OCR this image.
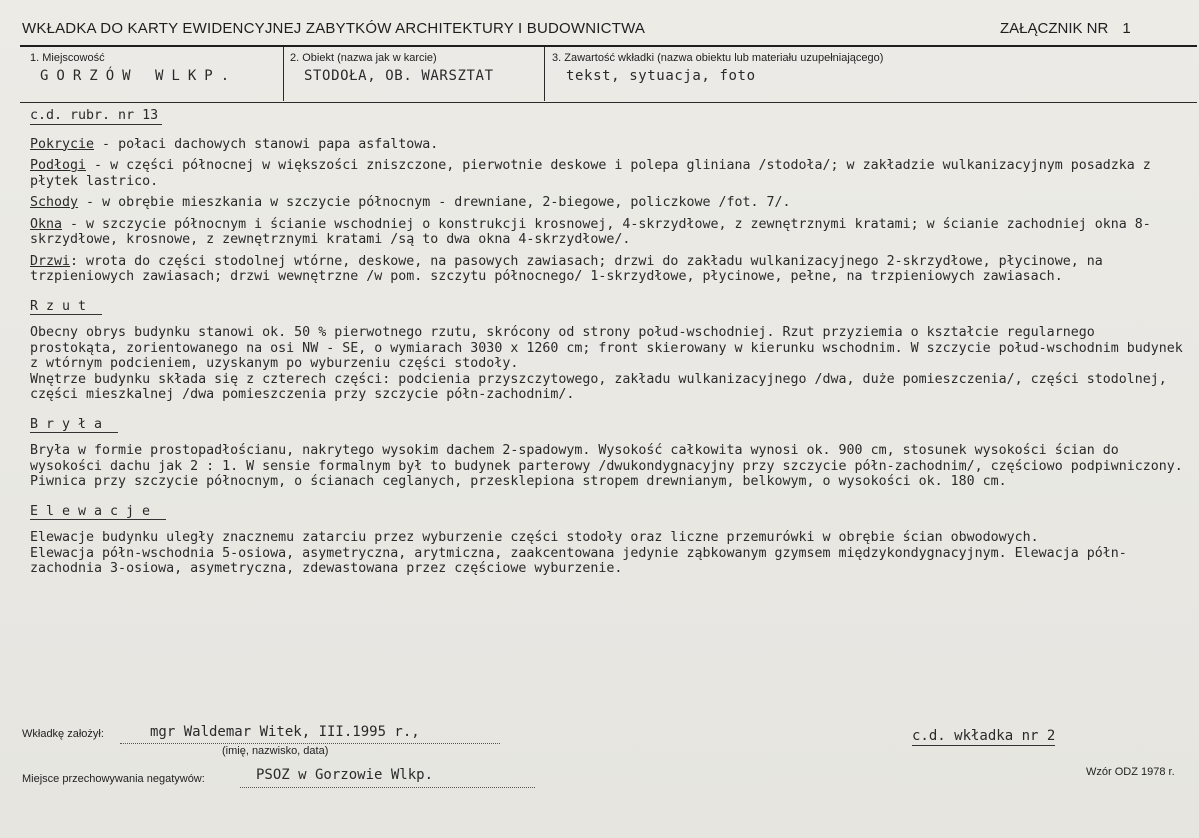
WKŁADKA DO KARTY EWIDENCYJNEJ ZABYTKÓW ARCHITEKTURY I BUDOWNICTWA	ZAŁĄCZNIK NR 1
1. Miejscowość
GORZÓW WLKP.
2. Obiekt (nazwa jak w karcie)
STODOŁA, OB. WARSZTAT
3. Zawartość wkładki (nazwa obiektu lub materiału uzupełniającego)
tekst, sytuacja, foto
c.d. rubr. nr 13

Pokrycie - połaci dachowych stanowi papa asfaltowa.

Podłogi - w części północnej w większości zniszczone, pierwotnie deskowe i polepa gliniana /stodoła/; w zakładzie wulkanizacyjnym posadzka z płytek lastrico.

Schody - w obrębie mieszkania w szczycie północnym - drewniane, 2-biegowe, policzkowe /fot. 7/.

Okna - w szczycie północnym i ścianie wschodniej o konstrukcji krosnowej, 4-skrzydłowe, z zewnętrznymi kratami; w ścianie zachodniej okna 8-skrzydłowe, krosnowe, z zewnętrznymi kratami /są to dwa okna 4-skrzydłowe/.

Drzwi: wrota do części stodolnej wtórne, deskowe, na pasowych zawiasach; drzwi do zakładu wulkanizacyjnego 2-skrzydłowe, płycinowe, na trzpieniowych zawiasach; drzwi wewnętrzne /w pom. szczytu północnego/ 1-skrzydłowe, płycinowe, pełne, na trzpieniowych zawiasach.

Rzut

Obecny obrys budynku stanowi ok. 50 % pierwotnego rzutu, skrócony od strony połud-wschodniej. Rzut przyziemia o kształcie regularnego prostokąta, zorientowanego na osi NW - SE, o wymiarach 3030 x 1260 cm; front skierowany w kierunku wschodnim. W szczycie połud-wschodnim budynek z wtórnym podcieniem, uzyskanym po wyburzeniu części stodoły.

Wnętrze budynku składa się z czterech części: podcienia przyszczytowego, zakładu wulkanizacyjnego /dwa, duże pomieszczenia/, części stodolnej, części mieszkalnej /dwa pomieszczenia przy szczycie półn-zachodnim/.

Bryła

Bryła w formie prostopadłościanu, nakrytego wysokim dachem 2-spadowym. Wysokość całkowita wynosi ok. 900 cm, stosunek wysokości ścian do wysokości dachu jak 2 : 1. W sensie formalnym był to budynek parterowy /dwukondygnacyjny przy szczycie półn-zachodnim/, częściowo podpiwniczony. Piwnica przy szczycie północnym, o ścianach ceglanych, przesklepiona stropem drewnianym, belkowym, o wysokości ok. 180 cm.

Elewacje

Elewacje budynku uległy znacznemu zatarciu przez wyburzenie części stodoły oraz liczne przemurówki w obrębie ścian obwodowych.

Elewacja półn-wschodnia 5-osiowa, asymetryczna, arytmiczna, zaakcentowana jedynie ząbkowanym gzymsem międzykondygnacyjnym. Elewacja półn-zachodnia 3-osiowa, asymetryczna, zdewastowana przez częściowe wyburzenie.

Wkładkę założył:	mgr Waldemar Witek, III.1995 r.,
(imię, nazwisko, data)
c.d. wkładka nr 2
Miejsce przechowywania negatywów:	PSOZ w Gorzowie Wlkp.	Wzór ODZ 1978 r.
